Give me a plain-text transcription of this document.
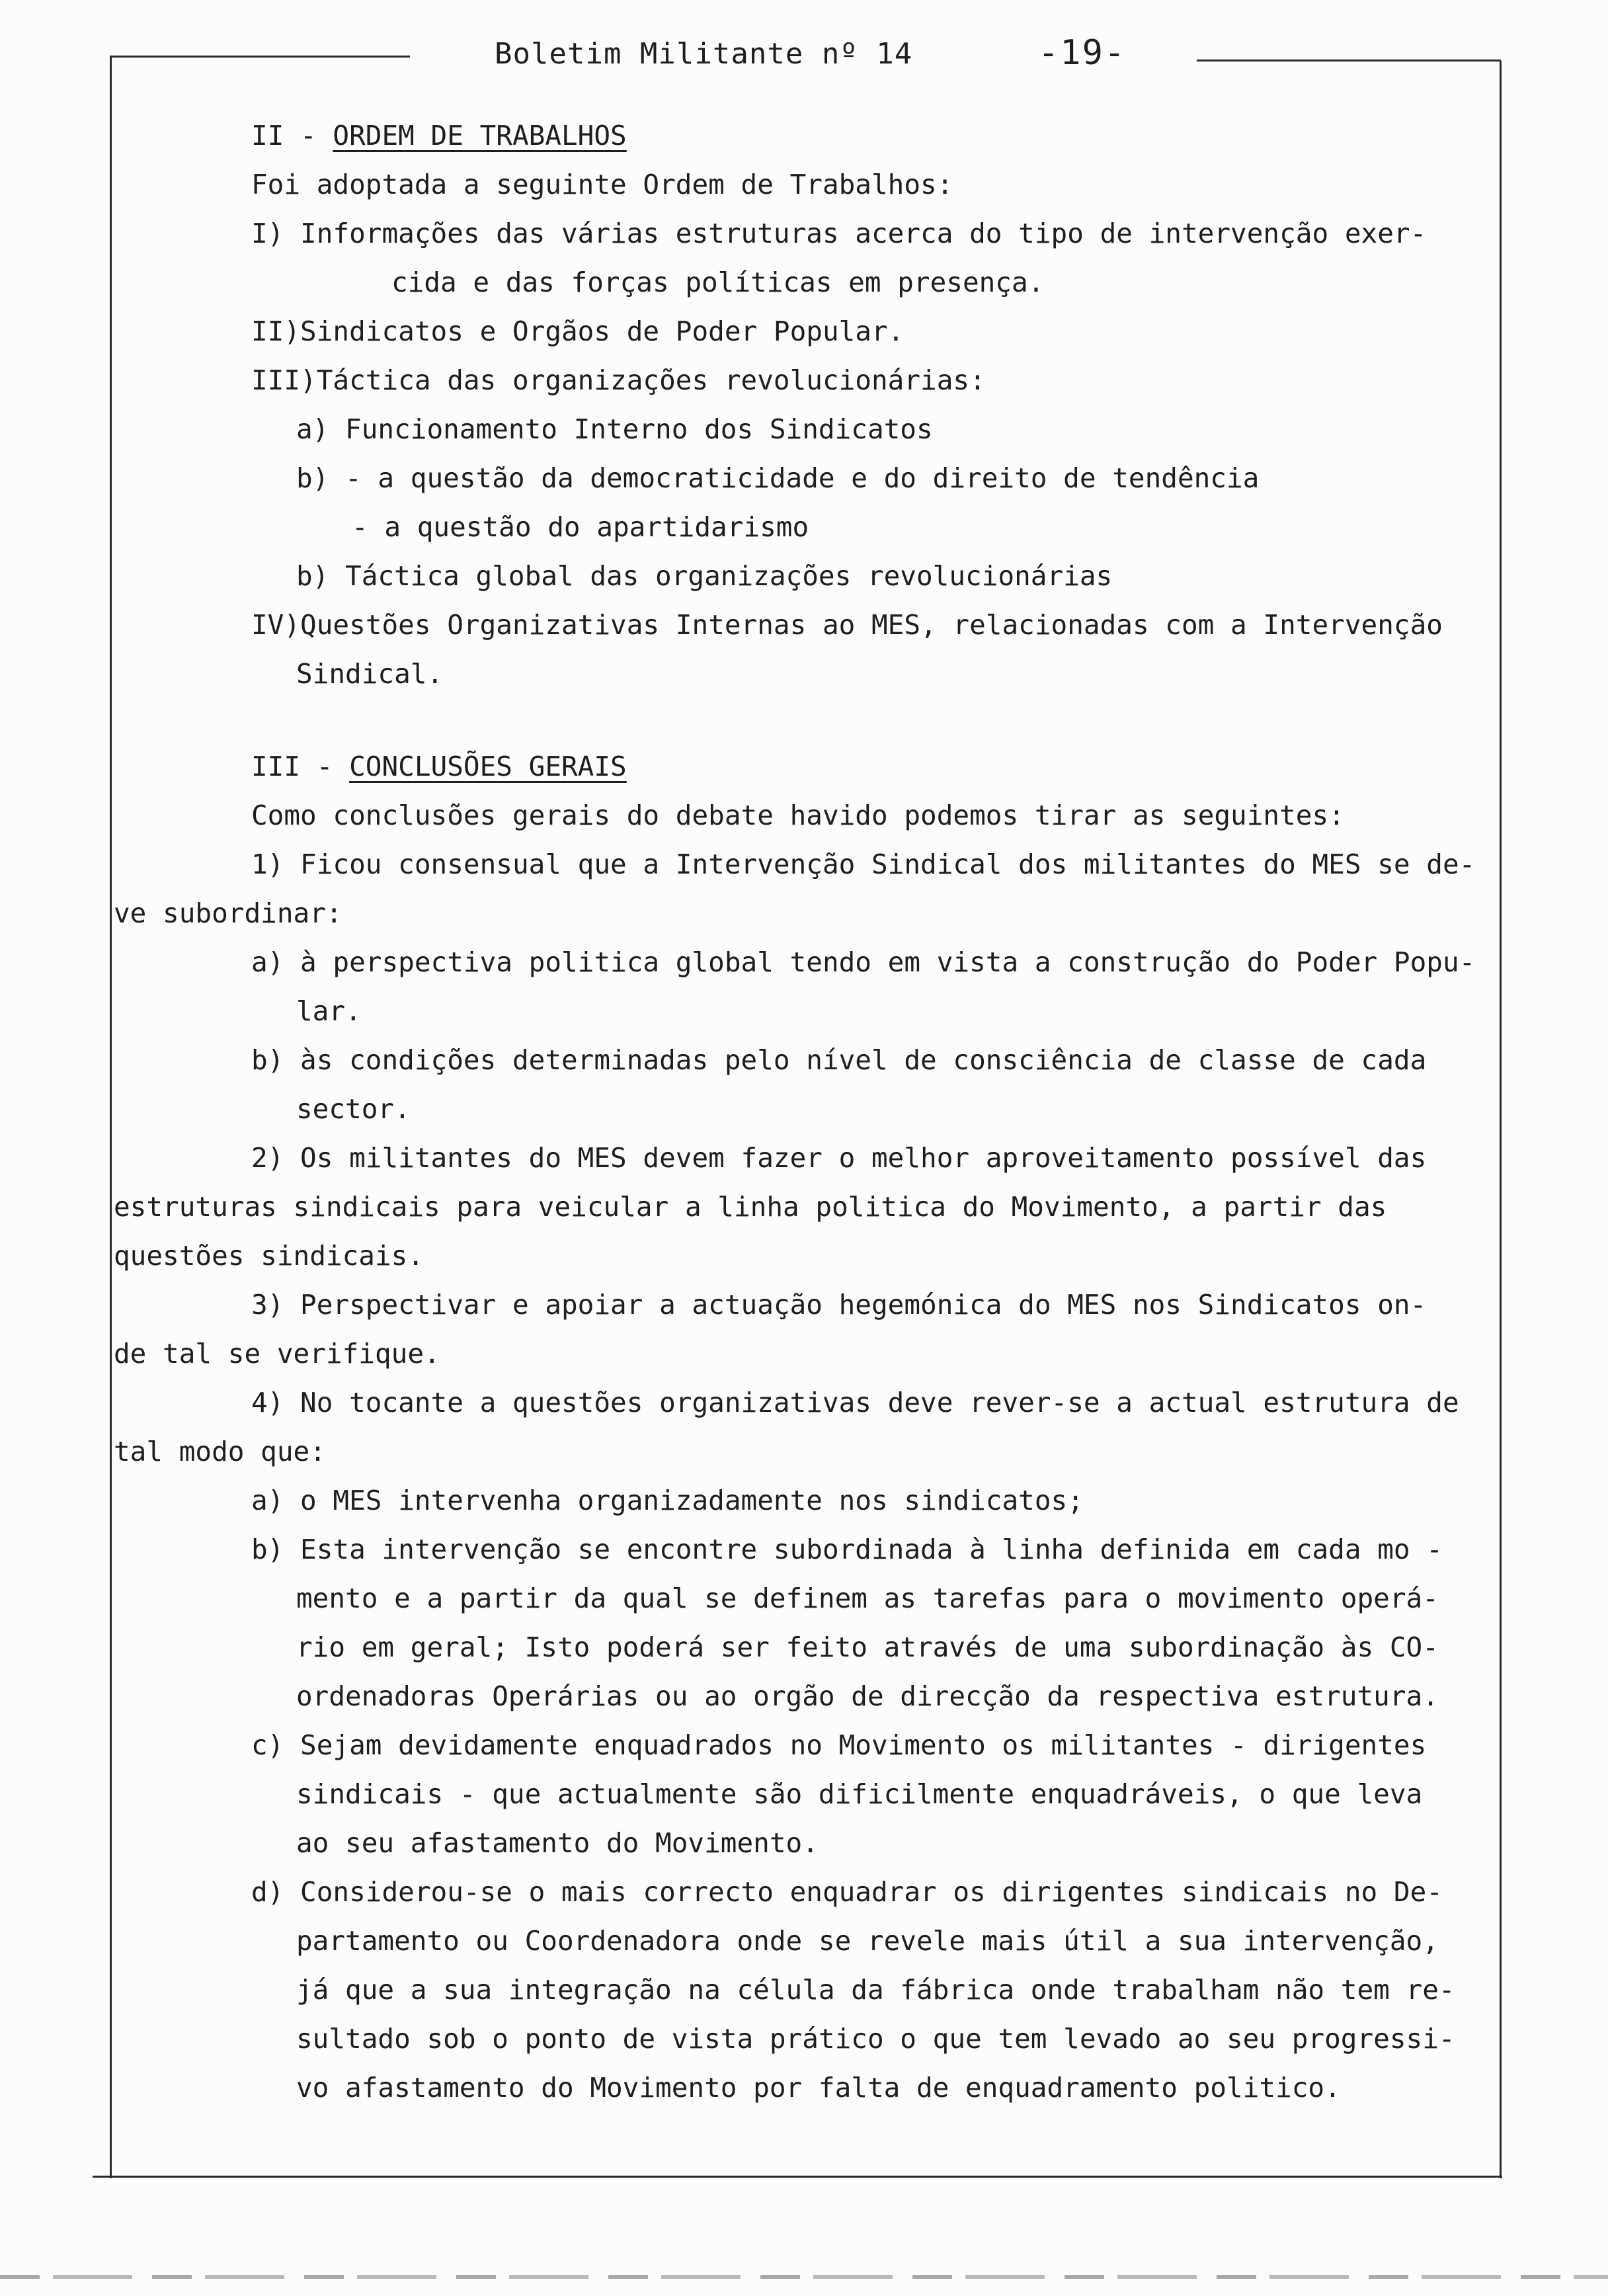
Boletim Militante nº 14	-19-
II - ORDEM DE TRABALHOS
Foi adoptada a seguinte Ordem de Trabalhos:
I) Informações das várias estruturas acerca do tipo de intervenção exer-
cida e das forças políticas em presença.
II)Sindicatos e Orgãos de Poder Popular.
III)Táctica das organizações revolucionárias:
a) Funcionamento Interno dos Sindicatos
b) - a questão da democraticidade e do direito de tendência
- a questão do apartidarismo
b) Táctica global das organizações revolucionárias
IV)Questões Organizativas Internas ao MES, relacionadas com a Intervenção
Sindical.
III - CONCLUSÕES GERAIS
Como conclusões gerais do debate havido podemos tirar as seguintes:
1) Ficou consensual que a Intervenção Sindical dos militantes do MES se de-
ve subordinar:
a) à perspectiva politica global tendo em vista a construção do Poder Popu-
lar.
b) às condições determinadas pelo nível de consciência de classe de cada
sector.
2) Os militantes do MES devem fazer o melhor aproveitamento possível das
estruturas sindicais para veicular a linha politica do Movimento, a partir das
questões sindicais.
3) Perspectivar e apoiar a actuação hegemónica do MES nos Sindicatos on-
de tal se verifique.
4) No tocante a questões organizativas deve rever-se a actual estrutura de
tal modo que:
a) o MES intervenha organizadamente nos sindicatos;
b) Esta intervenção se encontre subordinada à linha definida em cada mo -
mento e a partir da qual se definem as tarefas para o movimento operá-
rio em geral; Isto poderá ser feito através de uma subordinação às CO-
ordenadoras Operárias ou ao orgão de direcção da respectiva estrutura.
c) Sejam devidamente enquadrados no Movimento os militantes - dirigentes
sindicais - que actualmente são dificilmente enquadráveis, o que leva
ao seu afastamento do Movimento.
d) Considerou-se o mais correcto enquadrar os dirigentes sindicais no De-
partamento ou Coordenadora onde se revele mais útil a sua intervenção,
já que a sua integração na célula da fábrica onde trabalham não tem re-
sultado sob o ponto de vista prático o que tem levado ao seu progressi-
vo afastamento do Movimento por falta de enquadramento politico.
